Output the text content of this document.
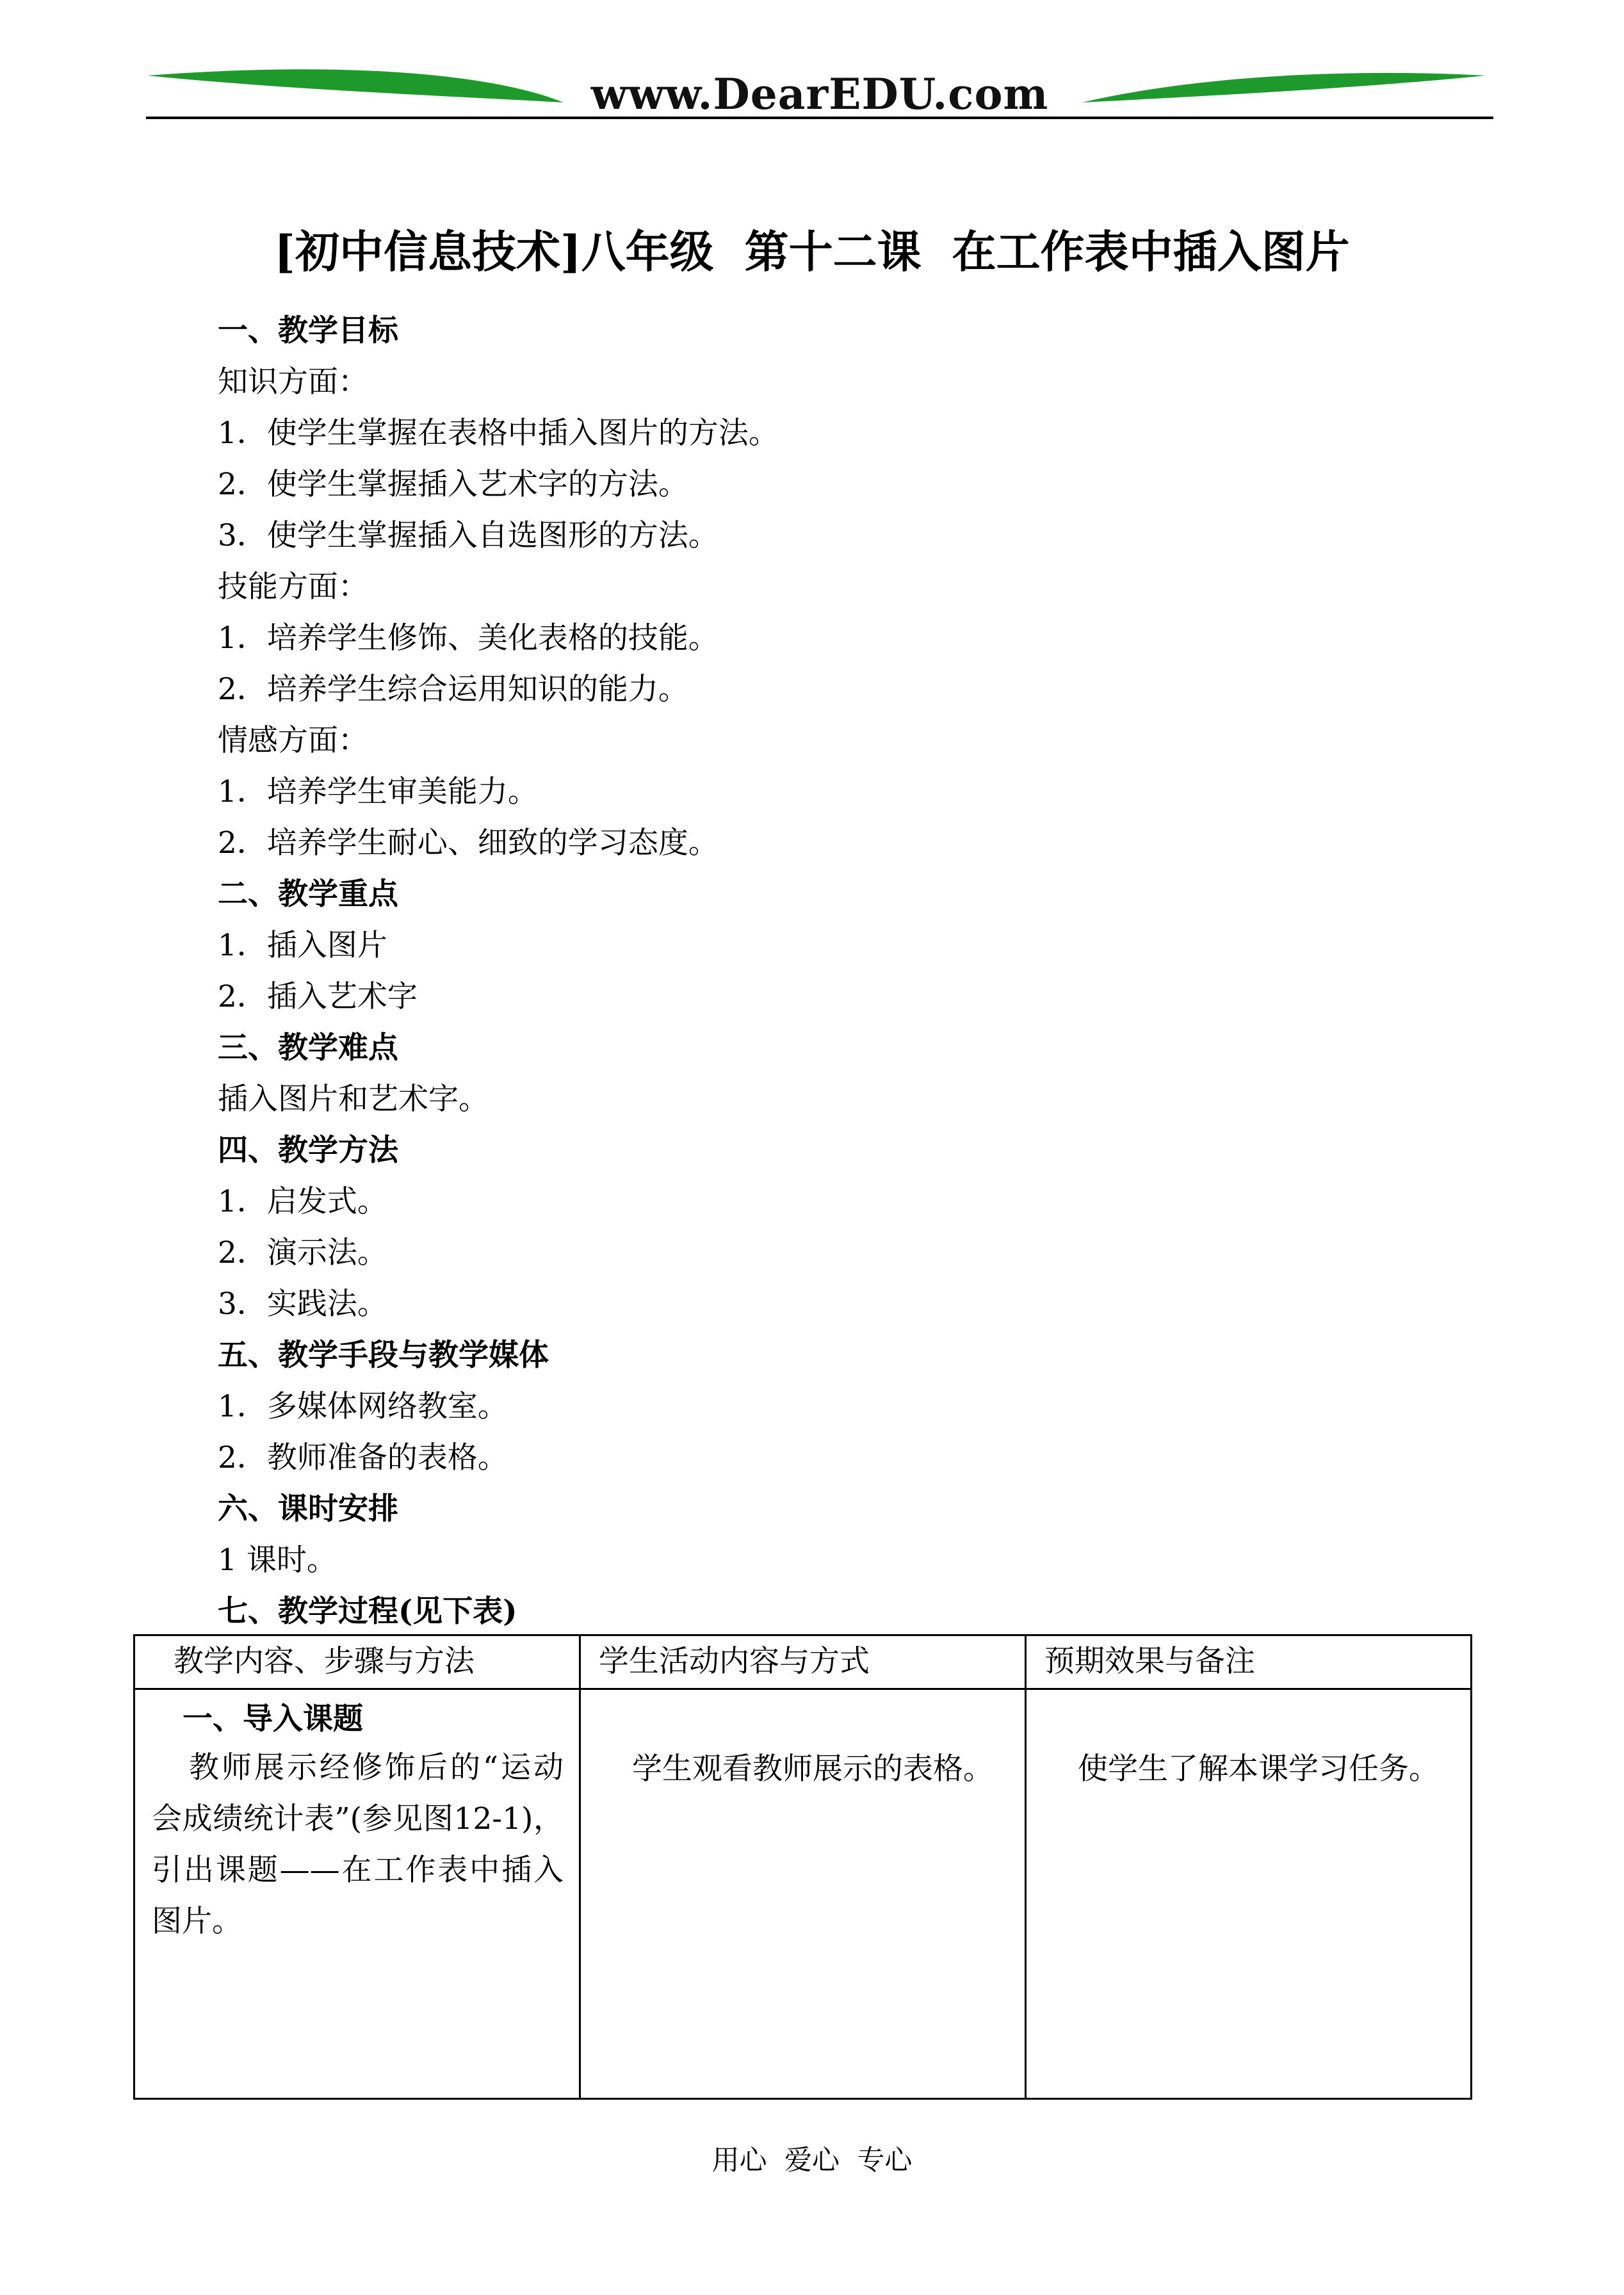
www.DearEDU.com
[初中信息技术]八年级  第十二课  在工作表中插入图片
一、教学目标
知识方面：
1．使学生掌握在表格中插入图片的方法。
2．使学生掌握插入艺术字的方法。
3．使学生掌握插入自选图形的方法。
技能方面：
1．培养学生修饰、美化表格的技能。
2．培养学生综合运用知识的能力。
情感方面：
1．培养学生审美能力。
2．培养学生耐心、细致的学习态度。
二、教学重点
1．插入图片
2．插入艺术字
三、教学难点
插入图片和艺术字。
四、教学方法
1．启发式。
2．演示法。
3．实践法。
五、教学手段与教学媒体
1．多媒体网络教室。
2．教师准备的表格。
六、课时安排
1 课时。
七、教学过程(见下表)
教学内容、步骤与方法	学生活动内容与方式	预期效果与备注

一、导入课题
教师展示经修饰后的“运动会成绩统计表”(参见图12-1)，引出课题——在工作表中插入图片。	学生观看教师展示的表格。	使学生了解本课学习任务。
用心  爱心  专心
